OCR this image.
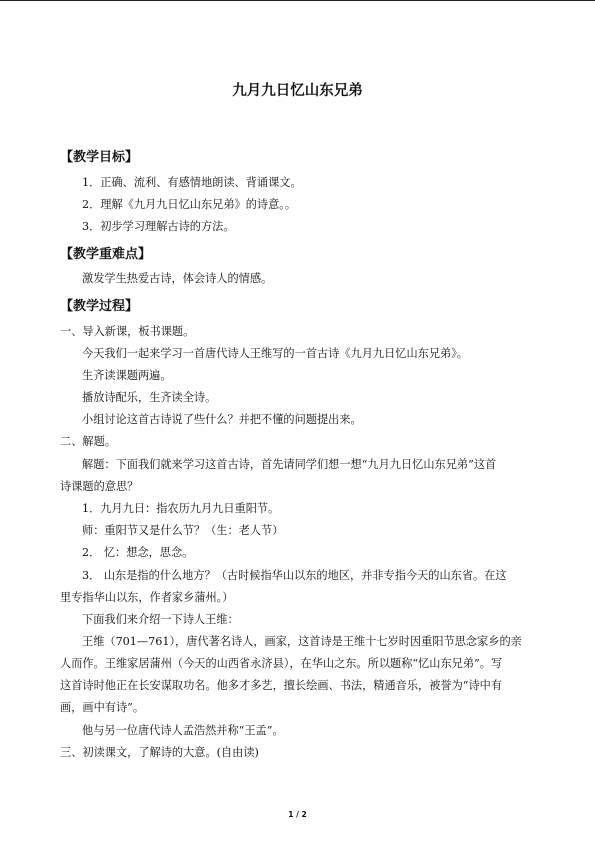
九月九日忆山东兄弟
【教学目标】
1．正确、流利、有感情地朗读、背诵课文。
2．理解《九月九日忆山东兄弟》的诗意。。
3．初步学习理解古诗的方法。
【教学重难点】
激发学生热爱古诗，体会诗人的情感。
【教学过程】
一、导入新课，板书课题。
今天我们一起来学习一首唐代诗人王维写的一首古诗《九月九日忆山东兄弟》。
生齐读课题两遍。
播放诗配乐，生齐读全诗。
小组讨论这首古诗说了些什么？并把不懂的问题提出来。
二、解题。
解题：下面我们就来学习这首古诗，首先请同学们想一想“九月九日忆山东兄弟”这首
诗课题的意思？
1．九月九日：指农历九月九日重阳节。
师：重阳节又是什么节？（生：老人节）
2． 忆：想念，思念。
3． 山东是指的什么地方？（古时候指华山以东的地区，并非专指今天的山东省。在这
里专指华山以东，作者家乡蒲州。）
下面我们来介绍一下诗人王维：
王维（701—761），唐代著名诗人，画家，这首诗是王维十七岁时因重阳节思念家乡的亲
人而作。王维家居蒲州（今天的山西省永济县），在华山之东。所以题称“忆山东兄弟”。写
这首诗时他正在长安谋取功名。他多才多艺，擅长绘画、书法，精通音乐，被誉为“诗中有
画，画中有诗”。
他与另一位唐代诗人孟浩然并称“王孟”。
三、初读课文，了解诗的大意。(自由读)
1 / 2
